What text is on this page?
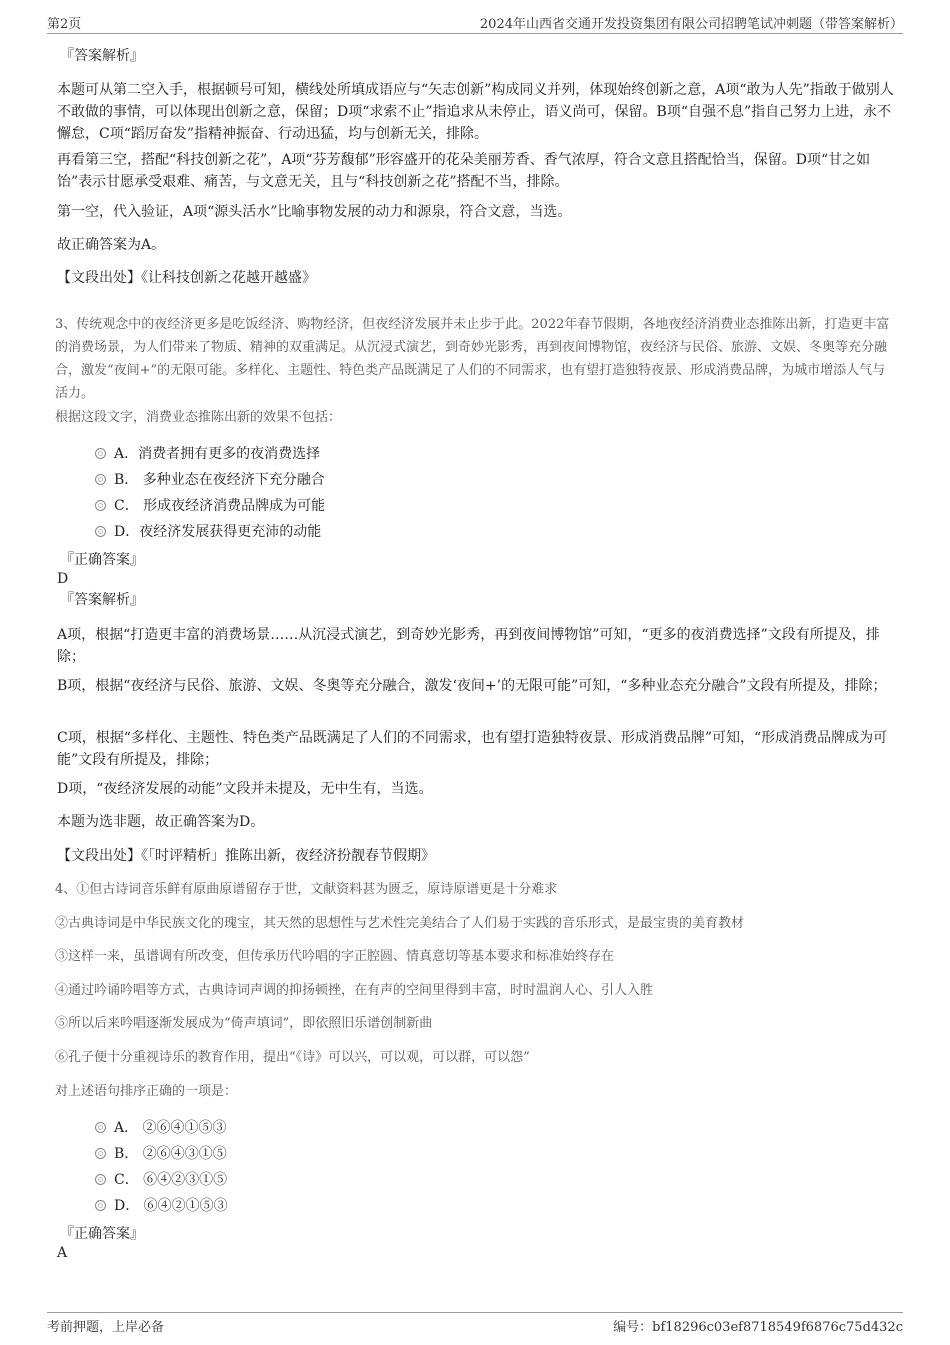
第2页	2024年山西省交通开发投资集团有限公司招聘笔试冲刺题（带答案解析）
『答案解析』

本题可从第二空入手，根据顿号可知，横线处所填成语应与“矢志创新”构成同义并列，体现始终创新之意，A项“敢为人先”指敢于做别人不敢做的事情，可以体现出创新之意，保留；D项“求索不止”指追求从未停止，语义尚可，保留。B项“自强不息”指自己努力上进，永不懈怠，C项“蹈厉奋发”指精神振奋、行动迅猛，均与创新无关，排除。

再看第三空，搭配“科技创新之花”，A项“芬芳馥郁”形容盛开的花朵美丽芳香、香气浓厚，符合文意且搭配恰当，保留。D项“甘之如饴”表示甘愿承受艰难、痛苦，与文意无关，且与“科技创新之花”搭配不当，排除。

第一空，代入验证，A项“源头活水”比喻事物发展的动力和源泉，符合文意，当选。

故正确答案为A。

【文段出处】《让科技创新之花越开越盛》

3、传统观念中的夜经济更多是吃饭经济、购物经济，但夜经济发展并未止步于此。2022年春节假期，各地夜经济消费业态推陈出新，打造更丰富的消费场景，为人们带来了物质、精神的双重满足。从沉浸式演艺，到奇妙光影秀，再到夜间博物馆，夜经济与民俗、旅游、文娱、冬奥等充分融合，激发“夜间+”的无限可能。多样化、主题性、特色类产品既满足了人们的不同需求，也有望打造独特夜景、形成消费品牌，为城市增添人气与活力。

根据这段文字，消费业态推陈出新的效果不包括：

A．消费者拥有更多的夜消费选择
B． 多种业态在夜经济下充分融合
C． 形成夜经济消费品牌成为可能
D．夜经济发展获得更充沛的动能
『正确答案』
D
『答案解析』

A项，根据“打造更丰富的消费场景……从沉浸式演艺，到奇妙光影秀，再到夜间博物馆”可知，“更多的夜消费选择”文段有所提及，排除；

B项，根据“夜经济与民俗、旅游、文娱、冬奥等充分融合，激发‘夜间+’的无限可能”可知，“多种业态充分融合”文段有所提及，排除；

C项，根据“多样化、主题性、特色类产品既满足了人们的不同需求，也有望打造独特夜景、形成消费品牌”可知，“形成消费品牌成为可能”文段有所提及，排除；

D项，“夜经济发展的动能”文段并未提及，无中生有，当选。

本题为选非题，故正确答案为D。

【文段出处】《「时评精析」推陈出新，夜经济扮靓春节假期》

4、①但古诗词音乐鲜有原曲原谱留存于世，文献资料甚为匮乏，原诗原谱更是十分难求

②古典诗词是中华民族文化的瑰宝，其天然的思想性与艺术性完美结合了人们易于实践的音乐形式，是最宝贵的美育教材

③这样一来，虽谱调有所改变，但传承历代吟唱的字正腔圆、情真意切等基本要求和标准始终存在

④通过吟诵吟唱等方式，古典诗词声调的抑扬顿挫，在有声的空间里得到丰富，时时温润人心、引人入胜

⑤所以后来吟唱逐渐发展成为“倚声填词”，即依照旧乐谱创制新曲

⑥孔子便十分重视诗乐的教育作用，提出“《诗》可以兴，可以观，可以群，可以怨”

对上述语句排序正确的一项是：

A． ②⑥④①⑤③
B． ②⑥④③①⑤
C． ⑥④②③①⑤
D． ⑥④②①⑤③
『正确答案』
A
考前押题，上岸必备	编号：bf18296c03ef8718549f6876c75d432c
